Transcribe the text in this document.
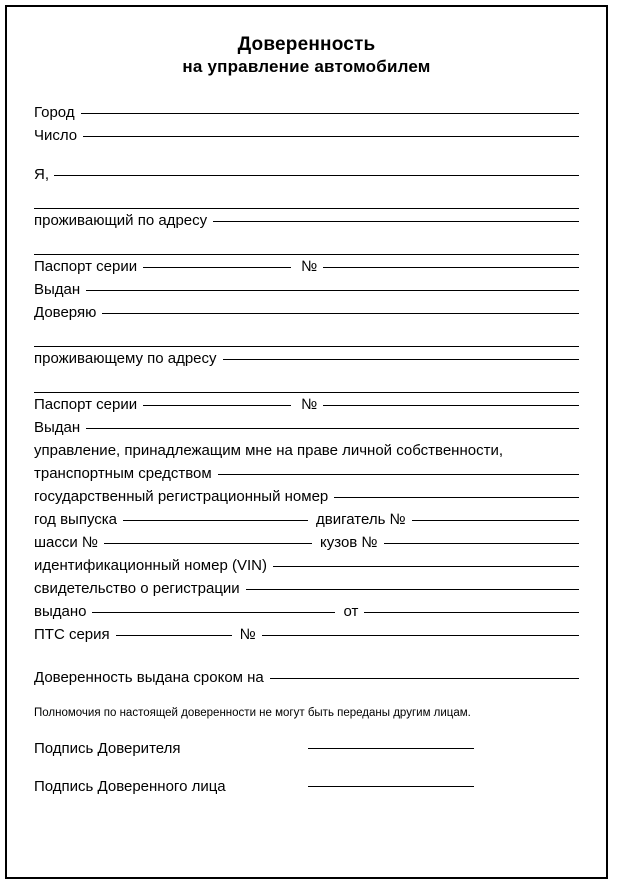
Доверенность
на управление автомобилем
Город
Число
Я,
проживающий по адресу
Паспорт серии	№
Выдан
Доверяю
проживающему по адресу
Паспорт серии	№
Выдан
управление, принадлежащим мне на праве личной собственности,
транспортным средством
государственный регистрационный номер
год выпуска	двигатель №
шасси №	кузов №
идентификационный номер (VIN)
свидетельство о регистрации
выдано	от
ПТС серия	№
Доверенность выдана сроком на
Полномочия по настоящей доверенности не могут быть переданы другим лицам.
Подпись Доверителя
Подпись Доверенного лица
